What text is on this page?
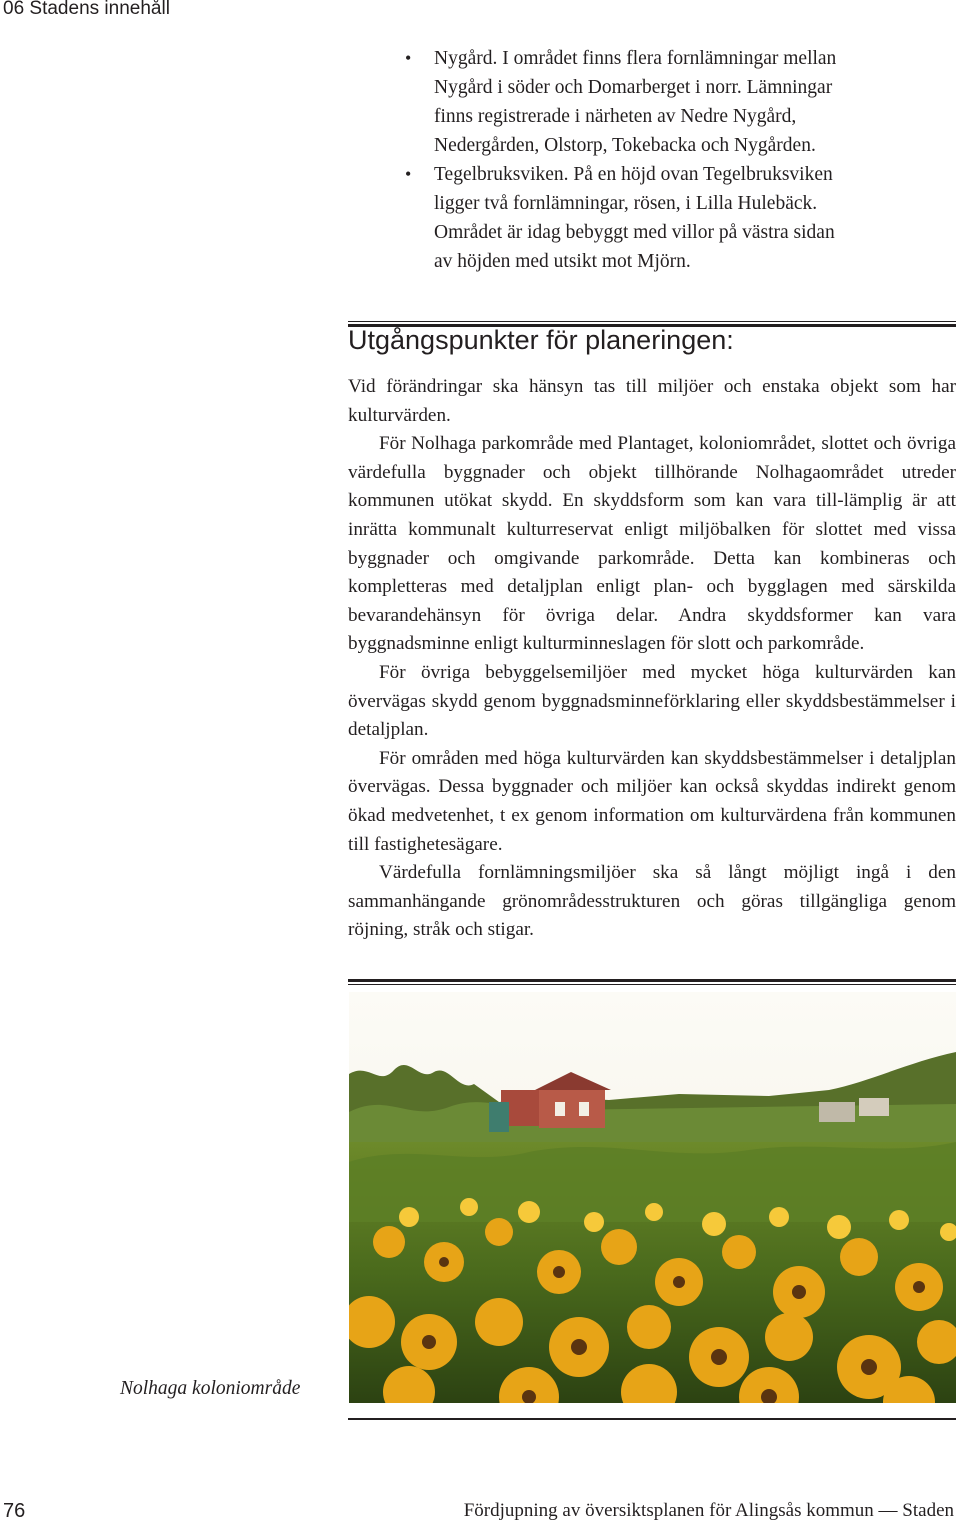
06 Stadens innehåll
• Nygård. I området finns flera fornlämningar mellan
Nygård i söder och Domarberget i norr. Lämningar
finns registrerade i närheten av Nedre Nygård,
Nedergården, Olstorp, Tokebacka och Nygården.
• Tegelbruksviken. På en höjd ovan Tegelbruksviken
ligger två fornlämningar, rösen, i Lilla Hulebäck.
Området är idag bebyggt med villor på västra sidan
av höjden med utsikt mot Mjörn.
Utgångspunkter för planeringen:

Vid förändringar ska hänsyn tas till miljöer och enstaka objekt som har kulturvärden.

För Nolhaga parkområde med Plantaget, koloniområdet, slottet och övriga värdefulla byggnader och objekt tillhörande Nolhagaområdet utreder kommunen utökat skydd. En skyddsform som kan vara till-lämplig är att inrätta kommunalt kulturreservat enligt miljöbalken för slottet med vissa byggnader och omgivande parkområde. Detta kan kombineras och kompletteras med detaljplan enligt plan- och bygglagen med särskilda bevarandehänsyn för övriga delar. Andra skyddsformer kan vara byggnadsminne enligt kulturminneslagen för slott och parkområde.

För övriga bebyggelsemiljöer med mycket höga kulturvärden kan övervägas skydd genom byggnadsminneförklaring eller skyddsbestämmelser i detaljplan.

För områden med höga kulturvärden kan skyddsbestämmelser i detaljplan övervägas. Dessa byggnader och miljöer kan också skyddas indirekt genom ökad medvetenhet, t ex genom information om kulturvärdena från kommunen till fastighetesägare.

Värdefulla fornlämningsmiljöer ska så långt möjligt ingå i den sammanhängande grönområdesstrukturen och göras tillgängliga genom röjning, stråk och stigar.

Nolhaga koloniområde
76	Fördjupning av översiktsplanen för Alingsås kommun — Staden
